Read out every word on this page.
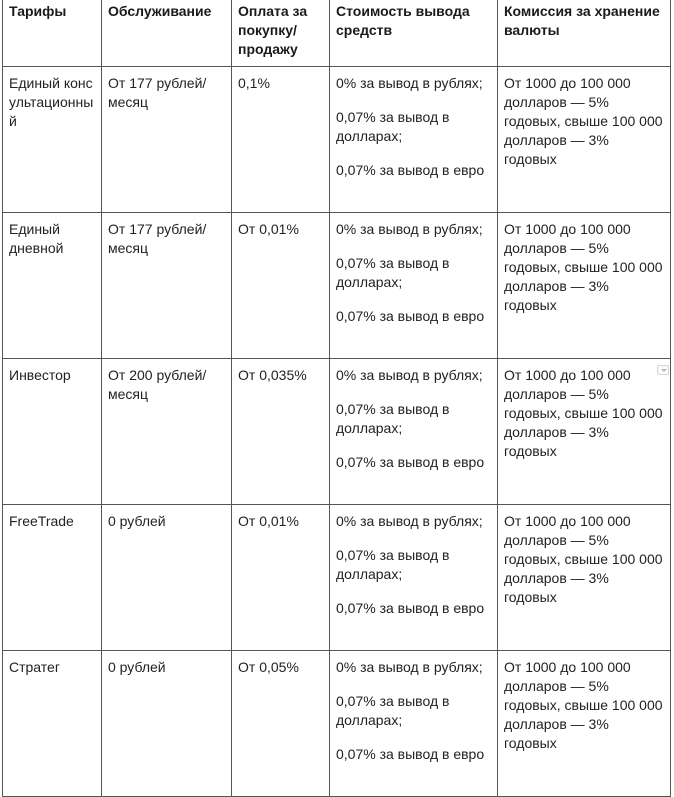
Тарифы	Обслуживание	Оплата за покупку/ продажу	Стоимость вывода средств	Комиссия за хранение валюты
Единый консультационный	От 177 рублей/месяц	0,1%	0% за вывод в рублях;
0,07% за вывод в долларах;
0,07% за вывод в евро	От 1000 до 100 000 долларов — 5% годовых, свыше 100 000 долларов — 3% годовых
Единый дневной	От 177 рублей/месяц	От 0,01%	0% за вывод в рублях;
0,07% за вывод в долларах;
0,07% за вывод в евро	От 1000 до 100 000 долларов — 5% годовых, свыше 100 000 долларов — 3% годовых
Инвестор	От 200 рублей/месяц	От 0,035%	0% за вывод в рублях;
0,07% за вывод в долларах;
0,07% за вывод в евро	От 1000 до 100 000 долларов — 5% годовых, свыше 100 000 долларов — 3% годовых
FreeTrade	0 рублей	От 0,01%	0% за вывод в рублях;
0,07% за вывод в долларах;
0,07% за вывод в евро	От 1000 до 100 000 долларов — 5% годовых, свыше 100 000 долларов — 3% годовых
Стратег	0 рублей	От 0,05%	0% за вывод в рублях;
0,07% за вывод в долларах;
0,07% за вывод в евро	От 1000 до 100 000 долларов — 5% годовых, свыше 100 000 долларов — 3% годовых
